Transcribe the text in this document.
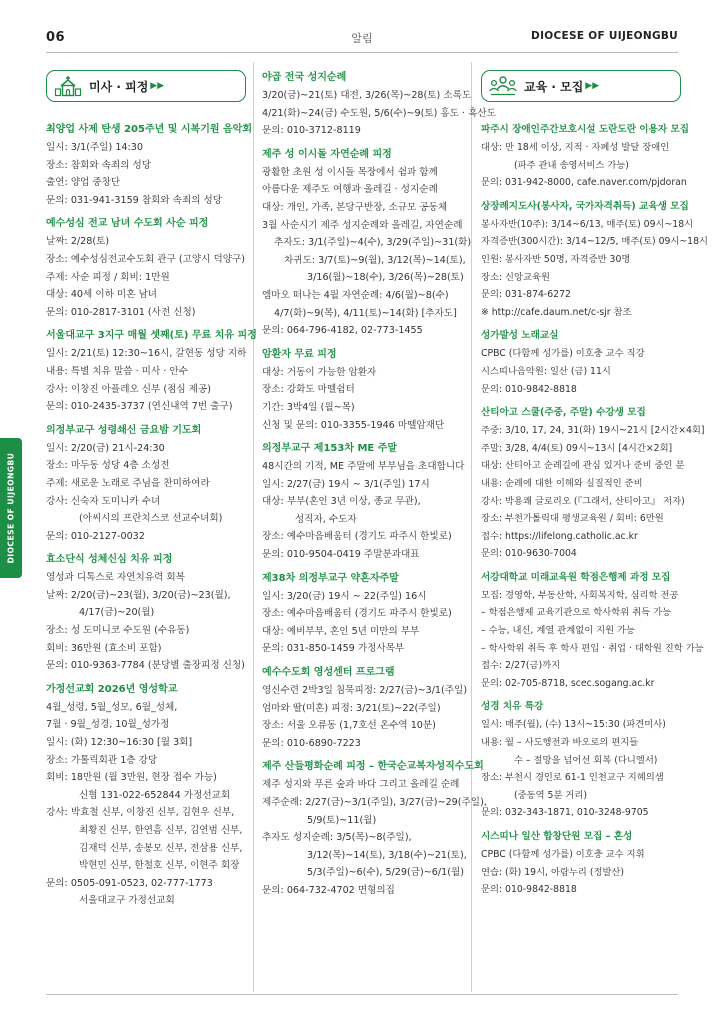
06	알림	DIOCESE OF UIJEONGBU
DIOCESE OF UIJEONGBU
미사 · 피정 ▶▶
최양업 사제 탄생 205주년 및 시복기원 음악회
일시: 3/1(주일) 14:30
장소: 참회와 속죄의 성당
출연: 양업 중창단
문의: 031-941-3159 참회와 속죄의 성당
예수성심 전교 남녀 수도회 사순 피정
날짜: 2/28(토)
장소: 예수성심전교수도회 관구 (고양시 덕양구)
주제: 사순 피정 / 회비: 1만원
대상: 40세 이하 미혼 남녀
문의: 010-2817-3101 (사전 신청)
서울대교구 3지구 매월 셋째(토) 무료 치유 피정
일시: 2/21(토) 12:30~16시, 갈현동 성당 지하
내용: 특별 치유 말씀 · 미사 · 안수
강사: 이창진 아플레오 신부 (점심 제공)
문의: 010-2435-3737 (연신내역 7번 출구)
의정부교구 성령쇄신 금요밤 기도회
일시: 2/20(금) 21시-24:30
장소: 마두동 성당 4층 소성전
주제: 새로운 노래로 주님을 찬미하여라
강사: 신숙자 도미니카 수녀
(아씨시의 프란치스코 선교수녀회)
문의: 010-2127-0032
효소단식 성체신심 치유 피정
영성과 디톡스로 자연치유력 회복
날짜: 2/20(금)~23(월), 3/20(금)~23(월),
4/17(금)~20(월)
장소: 성 도미니코 수도원 (수유동)
회비: 36만원 (효소비 포함)
문의: 010-9363-7784 (분당별 출장피정 신청)
가정선교회 2026년 영성학교
4월_성령, 5월_성모, 6월_성체,
7월 · 9월_성경, 10월_성가정
일시: (화) 12:30~16:30 [월 3회]
장소: 가톨릭회관 1층 강당
회비: 18만원 (월 3만원, 현장 접수 가능)
신협 131-022-652844 가정선교회
강사: 박효철 신부, 이창진 신부, 김현우 신부,
최황진 신부, 한연흠 신부, 김연범 신부,
김재덕 신부, 송봉모 신부, 전삼용 신부,
박현민 신부, 한철호 신부, 이현주 회장
문의: 0505-091-0523, 02-777-1773
서울대교구 가정선교회
야곱 전국 성지순례
3/20(금)~21(토) 대전, 3/26(목)~28(토) 소록도
4/21(화)~24(금) 수도원, 5/6(수)~9(토) 홍도 · 흑산도
문의: 010-3712-8119
제주 성 이시돌 자연순례 피정
광활한 초원 성 이시돌 목장에서 쉼과 함께
아름다운 제주도 여행과 올레길 · 성지순례
대상: 개인, 가족, 본당구반장, 소규모 공동체
3월 사순시기 제주 성지순례와 올레길, 자연순례
추자도: 3/1(주일)~4(수), 3/29(주일)~31(화)
차귀도: 3/7(토)~9(월), 3/12(목)~14(토),
3/16(월)~18(수), 3/26(목)~28(토)
엠마오 떠나는 4월 자연순례: 4/6(월)~8(수)
4/7(화)~9(목), 4/11(토)~14(화) [추자도]
문의: 064-796-4182, 02-773-1455
암환자 무료 피정
대상: 거동이 가능한 암환자
장소: 강화도 마뗄쉼터
기간: 3박4일 (월~목)
신청 및 문의: 010-3355-1946 마뗄암재단
의정부교구 제153차 ME 주말
48시간의 기적, ME 주말에 부부님을 초대합니다
일시: 2/27(금) 19시 ~ 3/1(주일) 17시
대상: 부부(혼인 3년 이상, 종교 무관),
성직자, 수도자
장소: 예수마음배움터 (경기도 파주시 한빛로)
문의: 010-9504-0419 주말분과대표
제38차 의정부교구 약혼자주말
일시: 3/20(금) 19시 ~ 22(주일) 16시
장소: 예수마음배움터 (경기도 파주시 한빛로)
대상: 예비부부, 혼인 5년 미만의 부부
문의: 031-850-1459 가정사목부
예수수도회 영성센터 프로그램
영신수련 2박3일 침묵피정: 2/27(금)~3/1(주일)
엄마와 딸(미혼) 피정: 3/21(토)~22(주일)
장소: 서울 오류동 (1,7호선 온수역 10분)
문의: 010-6890-7223
제주 산들평화순례 피정 – 한국순교복자성직수도회
제주 성지와 푸른 숲과 바다 그리고 올레길 순례
제주순례: 2/27(금)~3/1(주일), 3/27(금)~29(주일),
5/9(토)~11(월)
추자도 성지순례: 3/5(목)~8(주일),
3/12(목)~14(토), 3/18(수)~21(토),
5/3(주일)~6(수), 5/29(금)~6/1(월)
문의: 064-732-4702 면형의집
교육 · 모집 ▶▶
파주시 장애인주간보호시설 도란도란 이용자 모집
대상: 만 18세 이상, 지적 · 자폐성 발달 장애인
(파주 관내 송영서비스 가능)
문의: 031-942-8000, cafe.naver.com/pjdoran
상장례지도사(봉사자, 국가자격취득) 교육생 모집
봉사자반(10주): 3/14~6/13, 매주(토) 09시~18시
자격증반(300시간): 3/14~12/5, 매주(토) 09시~18시
인원: 봉사자반 50명, 자격증반 30명
장소: 신앙교육원
문의: 031-874-6272
※ http://cafe.daum.net/c-sjr 참조
성가발성 노래교실
CPBC (다함께 성가를) 이호충 교수 직강
시스띠나음악원: 일산 (금) 11시
문의: 010-9842-8818
산티아고 스쿨(주중, 주말) 수강생 모집
주중: 3/10, 17, 24, 31(화) 19시~21시 [2시간×4회]
주말: 3/28, 4/4(토) 09시~13시 [4시간×2회]
대상: 산티아고 순례길에 관심 있거나 준비 중인 분
내용: 순례에 대한 이해와 실질적인 준비
강사: 박용쾌 글로리오 (『그래서, 산티아고』 저자)
장소: 부천가톨릭대 평생교육원 / 회비: 6만원
접수: https://lifelong.catholic.ac.kr
문의: 010-9630-7004
서강대학교 미래교육원 학점은행제 과정 모집
모집: 경영학, 부동산학, 사회복지학, 심리학 전공
– 학점은행제 교육기관으로 학사학위 취득 가능
– 수능, 내신, 계열 관계없이 지원 가능
– 학사학위 취득 후 학사 편입 · 취업 · 대학원 진학 가능
접수: 2/27(금)까지
문의: 02-705-8718, scec.sogang.ac.kr
성경 치유 특강
일시: 매주(월), (수) 13시~15:30 (파견미사)
내용: 월 – 사도행전과 바오로의 편지들
수 – 절망을 넘어선 회복 (다니엘서)
장소: 부천시 경인로 61-1 인천교구 지혜의샘
(중동역 5분 거리)
문의: 032-343-1871, 010-3248-9705
시스띠나 일산 합창단원 모집 – 혼성
CPBC (다함께 성가를) 이호충 교수 지휘
연습: (화) 19시, 아람누리 (정발산)
문의: 010-9842-8818
